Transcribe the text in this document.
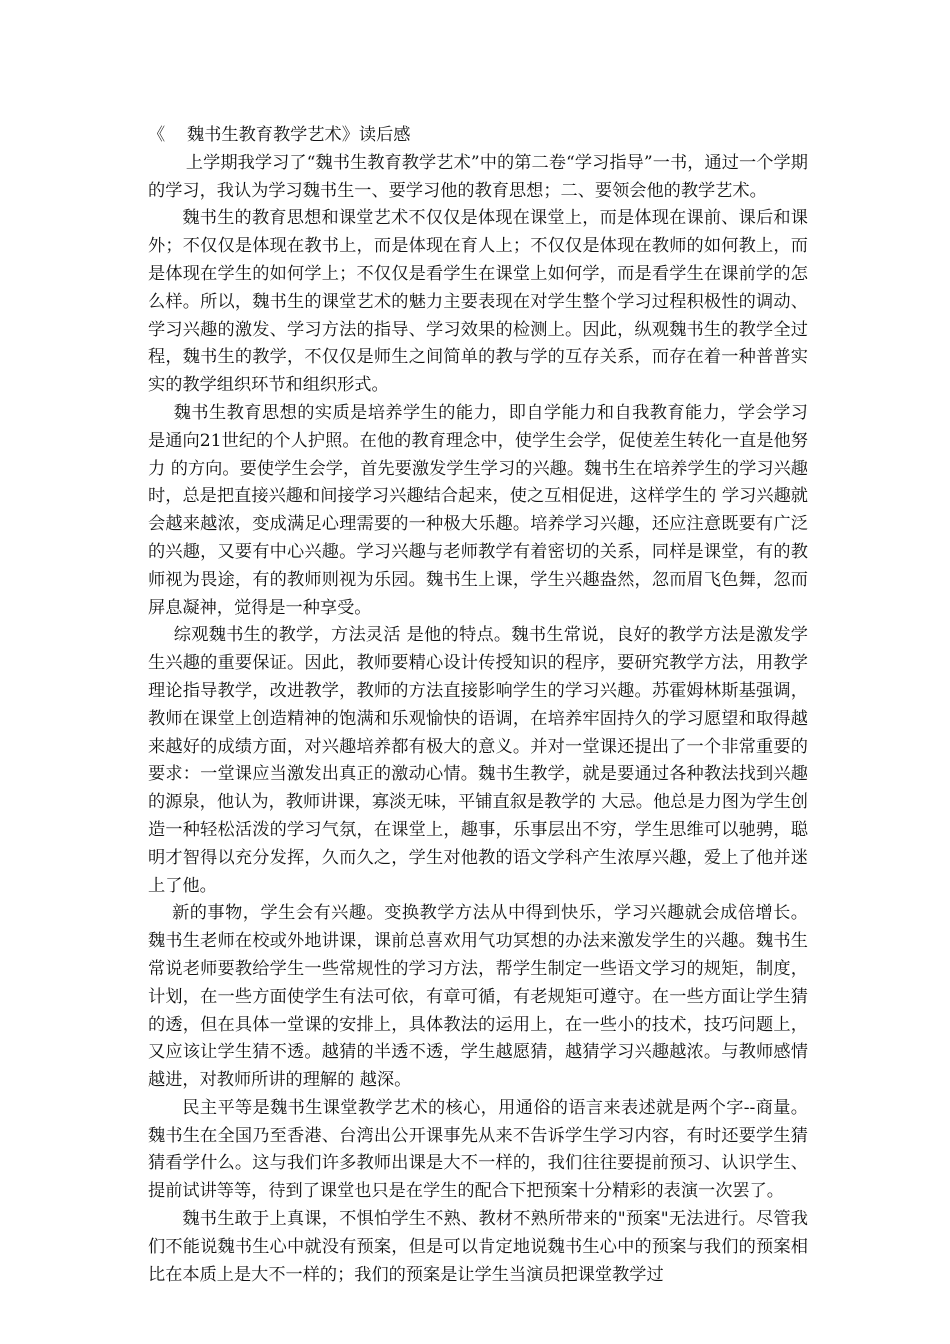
《    魏书生教育教学艺术》读后感

上学期我学习了“魏书生教育教学艺术”中的第二卷“学习指导”一书，通过一个学期的学习，我认为学习魏书生一、要学习他的教育思想；二、要领会他的教学艺术。

魏书生的教育思想和课堂艺术不仅仅是体现在课堂上，而是体现在课前、课后和课外；不仅仅是体现在教书上，而是体现在育人上；不仅仅是体现在教师的如何教上，而是体现在学生的如何学上；不仅仅是看学生在课堂上如何学，而是看学生在课前学的怎么样。所以，魏书生的课堂艺术的魅力主要表现在对学生整个学习过程积极性的调动、学习兴趣的激发、学习方法的指导、学习效果的检测上。因此，纵观魏书生的教学全过程，魏书生的教学，不仅仅是师生之间简单的教与学的互存关系，而存在着一种普普实实的教学组织环节和组织形式。

魏书生教育思想的实质是培养学生的能力，即自学能力和自我教育能力，学会学习是通向21世纪的个人护照。在他的教育理念中，使学生会学，促使差生转化一直是他努力 的方向。要使学生会学，首先要激发学生学习的兴趣。魏书生在培养学生的学习兴趣时，总是把直接兴趣和间接学习兴趣结合起来，使之互相促进，这样学生的 学习兴趣就会越来越浓，变成满足心理需要的一种极大乐趣。培养学习兴趣，还应注意既要有广泛的兴趣，又要有中心兴趣。学习兴趣与老师教学有着密切的关系，同样是课堂，有的教师视为畏途，有的教师则视为乐园。魏书生上课，学生兴趣盎然，忽而眉飞色舞，忽而屏息凝神，觉得是一种享受。

综观魏书生的教学，方法灵活 是他的特点。魏书生常说，良好的教学方法是激发学生兴趣的重要保证。因此，教师要精心设计传授知识的程序，要研究教学方法，用教学理论指导教学，改进教学，教师的方法直接影响学生的学习兴趣。苏霍姆林斯基强调，教师在课堂上创造精神的饱满和乐观愉快的语调，在培养牢固持久的学习愿望和取得越来越好的成绩方面，对兴趣培养都有极大的意义。并对一堂课还提出了一个非常重要的要求：一堂课应当激发出真正的激动心情。魏书生教学，就是要通过各种教法找到兴趣的源泉，他认为，教师讲课，寡淡无味，平铺直叙是教学的 大忌。他总是力图为学生创造一种轻松活泼的学习气氛，在课堂上，趣事，乐事层出不穷，学生思维可以驰骋，聪明才智得以充分发挥，久而久之，学生对他教的语文学科产生浓厚兴趣，爱上了他并迷上了他。

新的事物，学生会有兴趣。变换教学方法从中得到快乐，学习兴趣就会成倍增长。魏书生老师在校或外地讲课，课前总喜欢用气功冥想的办法来激发学生的兴趣。魏书生常说老师要教给学生一些常规性的学习方法，帮学生制定一些语文学习的规矩，制度，计划，在一些方面使学生有法可依，有章可循，有老规矩可遵守。在一些方面让学生猜的透，但在具体一堂课的安排上，具体教法的运用上，在一些小的技术，技巧问题上，又应该让学生猜不透。越猜的半透不透，学生越愿猜，越猜学习兴趣越浓。与教师感情越进，对教师所讲的理解的 越深。

民主平等是魏书生课堂教学艺术的核心，用通俗的语言来表述就是两个字--商量。魏书生在全国乃至香港、台湾出公开课事先从来不告诉学生学习内容，有时还要学生猜猜看学什么。这与我们许多教师出课是大不一样的，我们往往要提前预习、认识学生、提前试讲等等，待到了课堂也只是在学生的配合下把预案十分精彩的表演一次罢了。

魏书生敢于上真课，不惧怕学生不熟、教材不熟所带来的"预案"无法进行。尽管我们不能说魏书生心中就没有预案，但是可以肯定地说魏书生心中的预案与我们的预案相比在本质上是大不一样的；我们的预案是让学生当演员把课堂教学过
